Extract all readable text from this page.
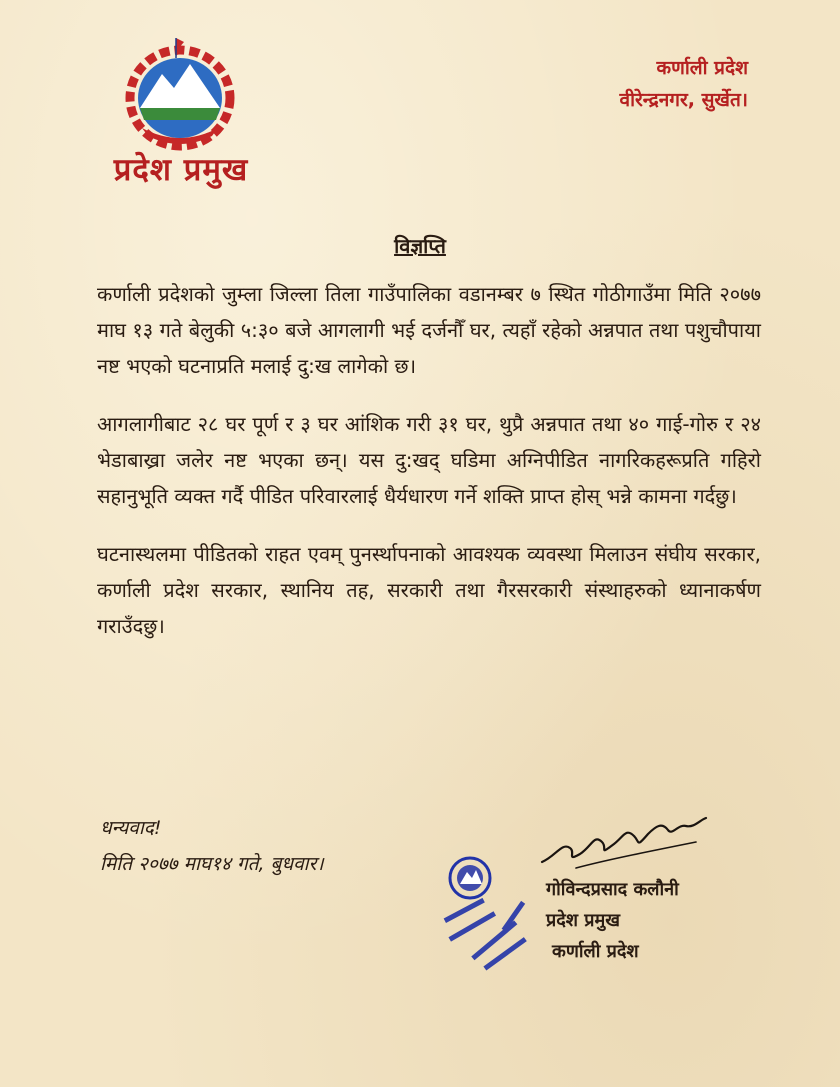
प्रदेश प्रमुख
कर्णाली प्रदेश
वीरेन्द्रनगर, सुर्खेत।
विज्ञप्ति

कर्णाली प्रदेशको जुम्ला जिल्ला तिला गाउँपालिका वडानम्बर ७ स्थित गोठीगाउँमा मिति २०७७ माघ १३ गते बेलुकी ५:३० बजे आगलागी भई दर्जनौँ घर, त्यहाँ रहेको अन्नपात तथा पशुचौपाया नष्ट भएको घटनाप्रति मलाई दु:ख लागेको छ।

आगलागीबाट २८ घर पूर्ण र ३ घर आंशिक गरी ३१ घर, थुप्रै अन्नपात तथा ४० गाई-गोरु र २४ भेडाबाख्रा जलेर नष्ट भएका छन्। यस दु:खद् घडिमा अग्निपीडित नागरिकहरूप्रति गहिरो सहानुभूति व्यक्त गर्दै पीडित परिवारलाई धैर्यधारण गर्ने शक्ति प्राप्त होस् भन्ने कामना गर्दछु।

घटनास्थलमा पीडितको राहत एवम् पुनर्स्थापनाको आवश्यक व्यवस्था मिलाउन संघीय सरकार, कर्णाली प्रदेश सरकार, स्थानिय तह, सरकारी तथा गैरसरकारी संस्थाहरुको ध्यानाकर्षण गराउँदछु।

धन्यवाद!
मिति २०७७ माघ१४ गते, बुधवार।
गोविन्दप्रसाद कलौनी
प्रदेश प्रमुख
कर्णाली प्रदेश
